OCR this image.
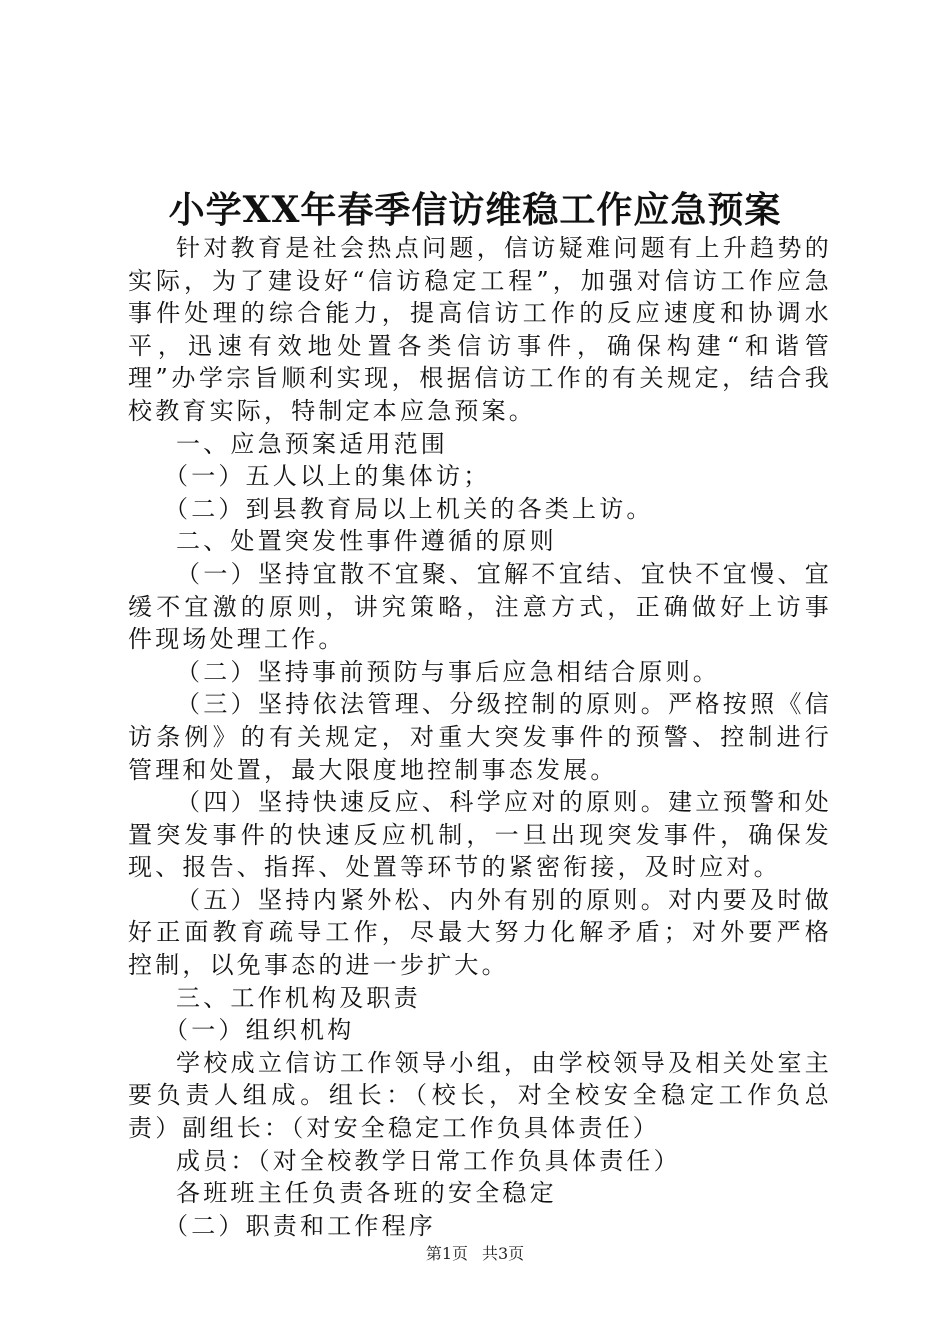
小学XX年春季信访维稳工作应急预案

针对教育是社会热点问题，信访疑难问题有上升趋势的实际，为了建设好“信访稳定工程”，加强对信访工作应急事件处理的综合能力，提高信访工作的反应速度和协调水平，迅速有效地处置各类信访事件，确保构建“和谐管理”办学宗旨顺利实现，根据信访工作的有关规定，结合我校教育实际，特制定本应急预案。

一、应急预案适用范围

（一）五人以上的集体访；

（二）到县教育局以上机关的各类上访。

二、处置突发性事件遵循的原则

（一）坚持宜散不宜聚、宜解不宜结、宜快不宜慢、宜缓不宜激的原则，讲究策略，注意方式，正确做好上访事件现场处理工作。

（二）坚持事前预防与事后应急相结合原则。

（三）坚持依法管理、分级控制的原则。严格按照《信访条例》的有关规定，对重大突发事件的预警、控制进行管理和处置，最大限度地控制事态发展。

（四）坚持快速反应、科学应对的原则。建立预警和处置突发事件的快速反应机制，一旦出现突发事件，确保发现、报告、指挥、处置等环节的紧密衔接，及时应对。

（五）坚持内紧外松、内外有别的原则。对内要及时做好正面教育疏导工作，尽最大努力化解矛盾；对外要严格控制，以免事态的进一步扩大。

三、工作机构及职责

（一）组织机构

学校成立信访工作领导小组，由学校领导及相关处室主要负责人组成。组长：（校长，对全校安全稳定工作负总责）副组长：（对安全稳定工作负具体责任）

成员：（对全校教学日常工作负具体责任）

各班班主任负责各班的安全稳定

（二）职责和工作程序

第1页 共3页
